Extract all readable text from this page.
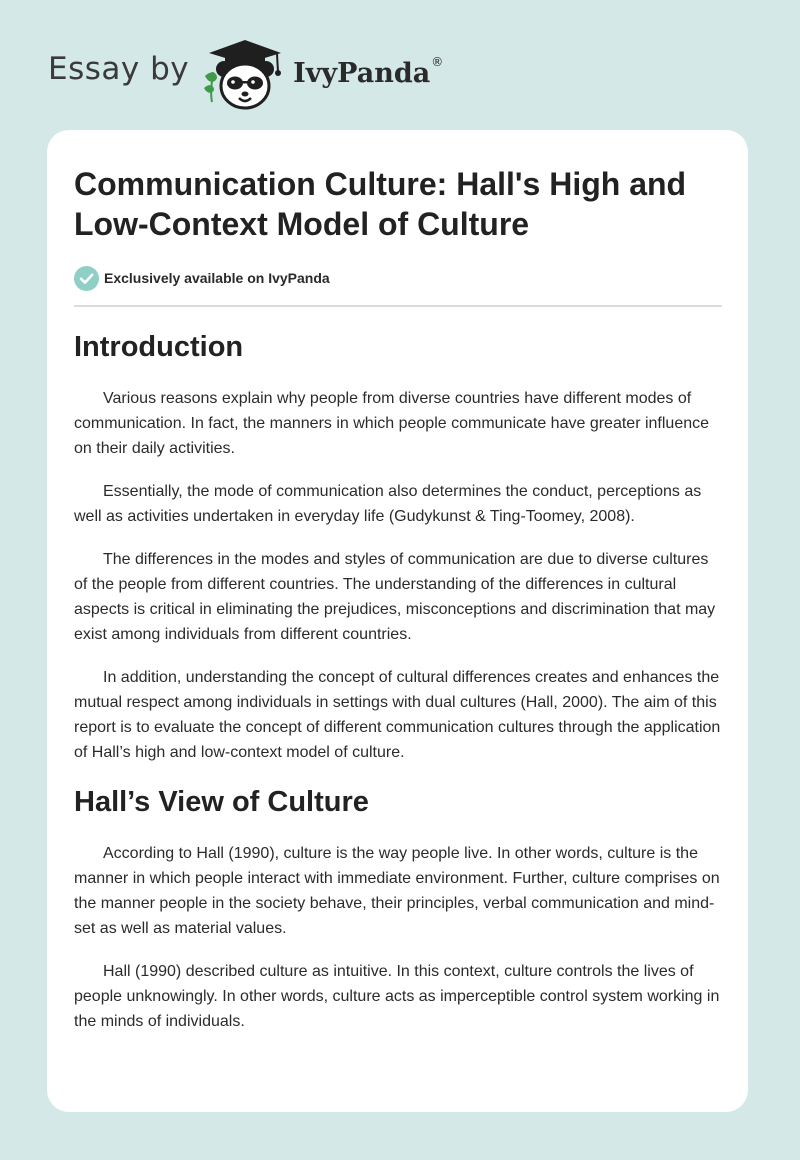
Essay by	IvyPanda ®
Communication Culture: Hall's High and Low-Context Model of Culture
Exclusively available on IvyPanda
Introduction

Various reasons explain why people from diverse countries have different modes of communication. In fact, the manners in which people communicate have greater influence on their daily activities.

Essentially, the mode of communication also determines the conduct, perceptions as well as activities undertaken in everyday life (Gudykunst & Ting-Toomey, 2008).

The differences in the modes and styles of communication are due to diverse cultures of the people from different countries. The understanding of the differences in cultural aspects is critical in eliminating the prejudices, misconceptions and discrimination that may exist among individuals from different countries.

In addition, understanding the concept of cultural differences creates and enhances the mutual respect among individuals in settings with dual cultures (Hall, 2000). The aim of this report is to evaluate the concept of different communication cultures through the application of Hall’s high and low-context model of culture.

Hall’s View of Culture

According to Hall (1990), culture is the way people live. In other words, culture is the manner in which people interact with immediate environment. Further, culture comprises on the manner people in the society behave, their principles, verbal communication and mind-set as well as material values.

Hall (1990) described culture as intuitive. In this context, culture controls the lives of people unknowingly. In other words, culture acts as imperceptible control system working in the minds of individuals.
